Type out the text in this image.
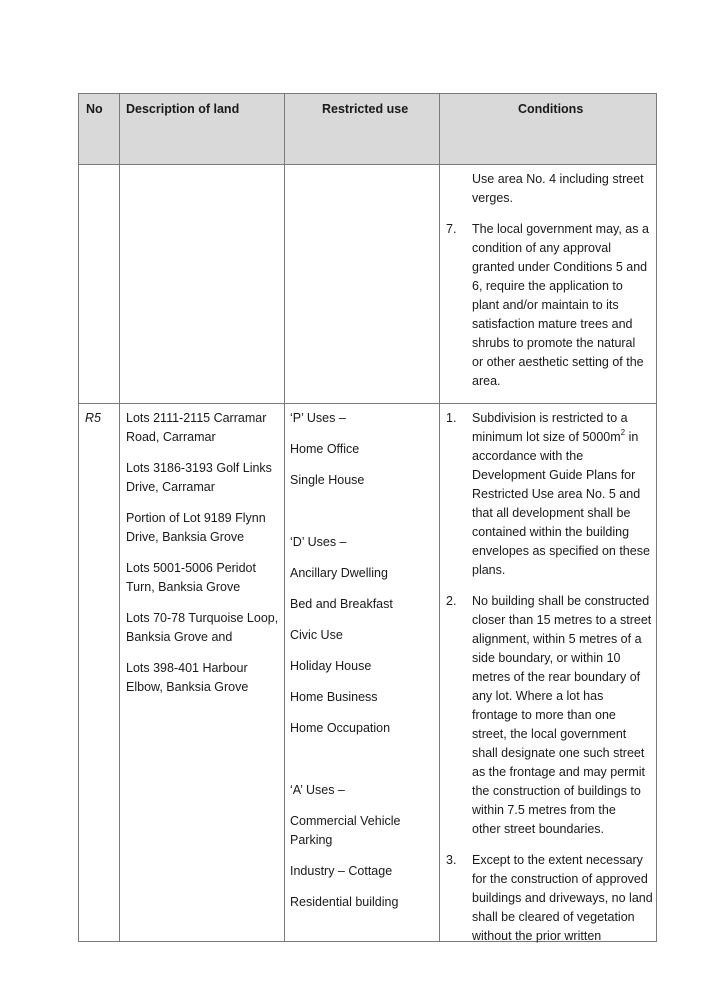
No Description of land	Restricted use	Conditions
Use area No. 4 including street
verges.
7. The local government may, as a
condition of any approval
granted under Conditions 5 and
6, require the application to
plant and/or maintain to its
satisfaction mature trees and
shrubs to promote the natural
or other aesthetic setting of the
area.
R5 Lots 2111-2115 Carramar
Road, Carramar
Lots 3186-3193 Golf Links
Drive, Carramar
Portion of Lot 9189 Flynn
Drive, Banksia Grove
Lots 5001-5006 Peridot
Turn, Banksia Grove
Lots 70-78 Turquoise Loop,
Banksia Grove and
Lots 398-401 Harbour
Elbow, Banksia Grove
‘P’ Uses –
Home Office
Single House
‘D’ Uses –
Ancillary Dwelling
Bed and Breakfast
Civic Use
Holiday House
Home Business
Home Occupation
‘A’ Uses –
Commercial Vehicle
Parking
Industry – Cottage
Residential building
1. Subdivision is restricted to a
minimum lot size of $5000m^2$ in
accordance with the
Development Guide Plans for
Restricted Use area No. 5 and
that all development shall be
contained within the building
envelopes as specified on these
plans.
2. No building shall be constructed
closer than 15 metres to a street
alignment, within 5 metres of a
side boundary, or within 10
metres of the rear boundary of
any lot. Where a lot has
frontage to more than one
street, the local government
shall designate one such street
as the frontage and may permit
the construction of buildings to
within 7.5 metres from the
other street boundaries.
3. Except to the extent necessary
for the construction of approved
buildings and driveways, no land
shall be cleared of vegetation
without the prior written
